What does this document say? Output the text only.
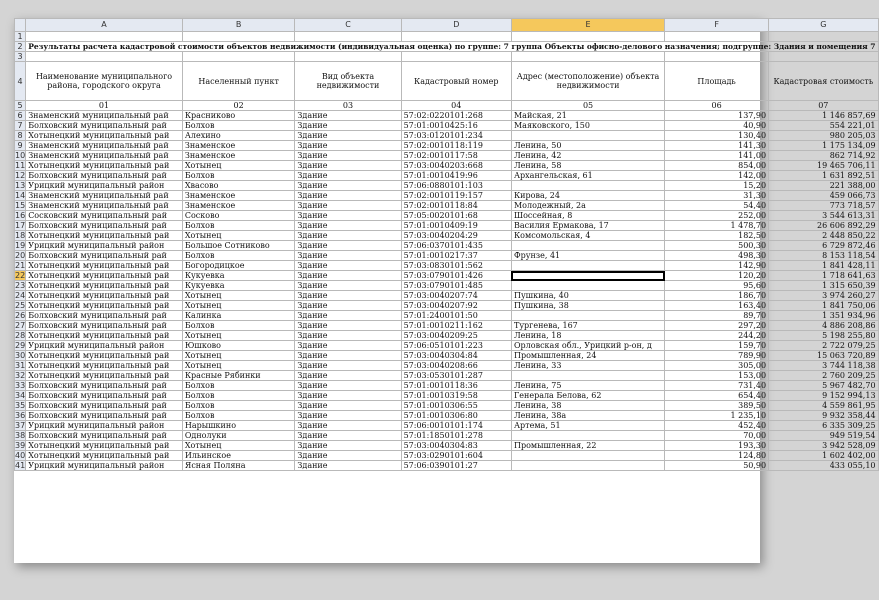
	A	B	C	D	E	F	G
1							
2	Результаты расчета кадастровой стоимости объектов недвижимости (индивидуальная оценка) по группе: 7 группа Объекты офисно-делового назначения; подгруппе: Здания и помещения 7						
3							
4	Наименование муниципального района, городского округа	Населенный пункт	Вид объекта недвижимости	Кадастровый номер	Адрес (местоположение) объекта недвижимости	Площадь	Кадастровая стоимость
5	01	02	03	04	05	06	07
6	Знаменский муниципальный рай	Красниково	Здание	57:02:0220101:268	Майская, 21	137,90	1 146 857,69
7	Болховский муниципальный рай	Болхов	Здание	57:01:0010425:16	Маяковского, 150	40,90	554 221,01
8	Хотынецкий муниципальный рай	Алехино	Здание	57:03:0120101:234		130,40	980 205,03
9	Знаменский муниципальный рай	Знаменское	Здание	57:02:0010118:119	Ленина, 50	141,30	1 175 134,09
10	Знаменский муниципальный рай	Знаменское	Здание	57:02:0010117:58	Ленина, 42	141,00	862 714,92
11	Хотынецкий муниципальный рай	Хотынец	Здание	57:03:0040203:668	Ленина, 58	854,00	19 465 706,11
12	Болховский муниципальный рай	Болхов	Здание	57:01:0010419:96	Архангельская, 61	142,00	1 631 892,51
13	Урицкий муниципальный район	Хвасово	Здание	57:06:0880101:103		15,20	221 388,00
14	Знаменский муниципальный рай	Знаменское	Здание	57:02:0010119:157	Кирова, 24	31,30	459 066,73
15	Знаменский муниципальный рай	Знаменское	Здание	57:02:0010118:84	Молодежный, 2а	54,40	773 718,57
16	Сосковский муниципальный рай	Сосково	Здание	57:05:0020101:68	Шоссейная, 8	252,00	3 544 613,31
17	Болховский муниципальный рай	Болхов	Здание	57:01:0010409:19	Василия Ермакова, 17	1 478,70	26 606 892,29
18	Хотынецкий муниципальный рай	Хотынец	Здание	57:03:0040204:29	Комсомольская, 4	182,50	2 448 850,22
19	Урицкий муниципальный район	Большое Сотниково	Здание	57:06:0370101:435		500,30	6 729 872,46
20	Болховский муниципальный рай	Болхов	Здание	57:01:0010217:37	Фрунзе, 41	498,30	8 153 118,54
21	Хотынецкий муниципальный рай	Богородицкое	Здание	57:03:0830101:562		142,90	1 841 428,11
22	Хотынецкий муниципальный рай	Кукуевка	Здание	57:03:0790101:426		120,20	1 718 641,63
23	Хотынецкий муниципальный рай	Кукуевка	Здание	57:03:0790101:485		95,60	1 315 650,39
24	Хотынецкий муниципальный рай	Хотынец	Здание	57:03:0040207:74	Пушкина, 40	186,70	3 974 260,27
25	Хотынецкий муниципальный рай	Хотынец	Здание	57:03:0040207:92	Пушкина, 38	163,40	1 841 750,06
26	Болховский муниципальный рай	Калинка	Здание	57:01:2400101:50		89,70	1 351 934,96
27	Болховский муниципальный рай	Болхов	Здание	57:01:0010211:162	Тургенева, 167	297,20	4 886 208,86
28	Хотынецкий муниципальный рай	Хотынец	Здание	57:03:0040209:25	Ленина, 18	244,20	5 198 255,80
29	Урицкий муниципальный район	Юшково	Здание	57:06:0510101:223	Орловская обл., Урицкий р-он, д	159,70	2 722 079,25
30	Хотынецкий муниципальный рай	Хотынец	Здание	57:03:0040304:84	Промышленная, 24	789,90	15 063 720,89
31	Хотынецкий муниципальный рай	Хотынец	Здание	57:03:0040208:66	Ленина, 33	305,00	3 744 118,38
32	Хотынецкий муниципальный рай	Красные Рябинки	Здание	57:03:0530101:287		153,00	2 760 209,25
33	Болховский муниципальный рай	Болхов	Здание	57:01:0010118:36	Ленина, 75	731,40	5 967 482,70
34	Болховский муниципальный рай	Болхов	Здание	57:01:0010319:58	Генерала Белова, 62	654,40	9 152 994,13
35	Болховский муниципальный рай	Болхов	Здание	57:01:0010306:55	Ленина, 38	389,50	4 559 861,95
36	Болховский муниципальный рай	Болхов	Здание	57:01:0010306:80	Ленина, 38а	1 235,10	9 932 358,44
37	Урицкий муниципальный район	Нарышкино	Здание	57:06:0010101:174	Артема, 51	452,40	6 335 309,25
38	Болховский муниципальный рай	Однолуки	Здание	57:01:1850101:278		70,00	949 519,54
39	Хотынецкий муниципальный рай	Хотынец	Здание	57:03:0040304:83	Промышленная, 22	193,30	3 942 528,09
40	Хотынецкий муниципальный рай	Ильинское	Здание	57:03:0290101:604		124,80	1 602 402,00
41	Урицкий муниципальный район	Ясная Поляна	Здание	57:06:0390101:27		50,90	433 055,10
